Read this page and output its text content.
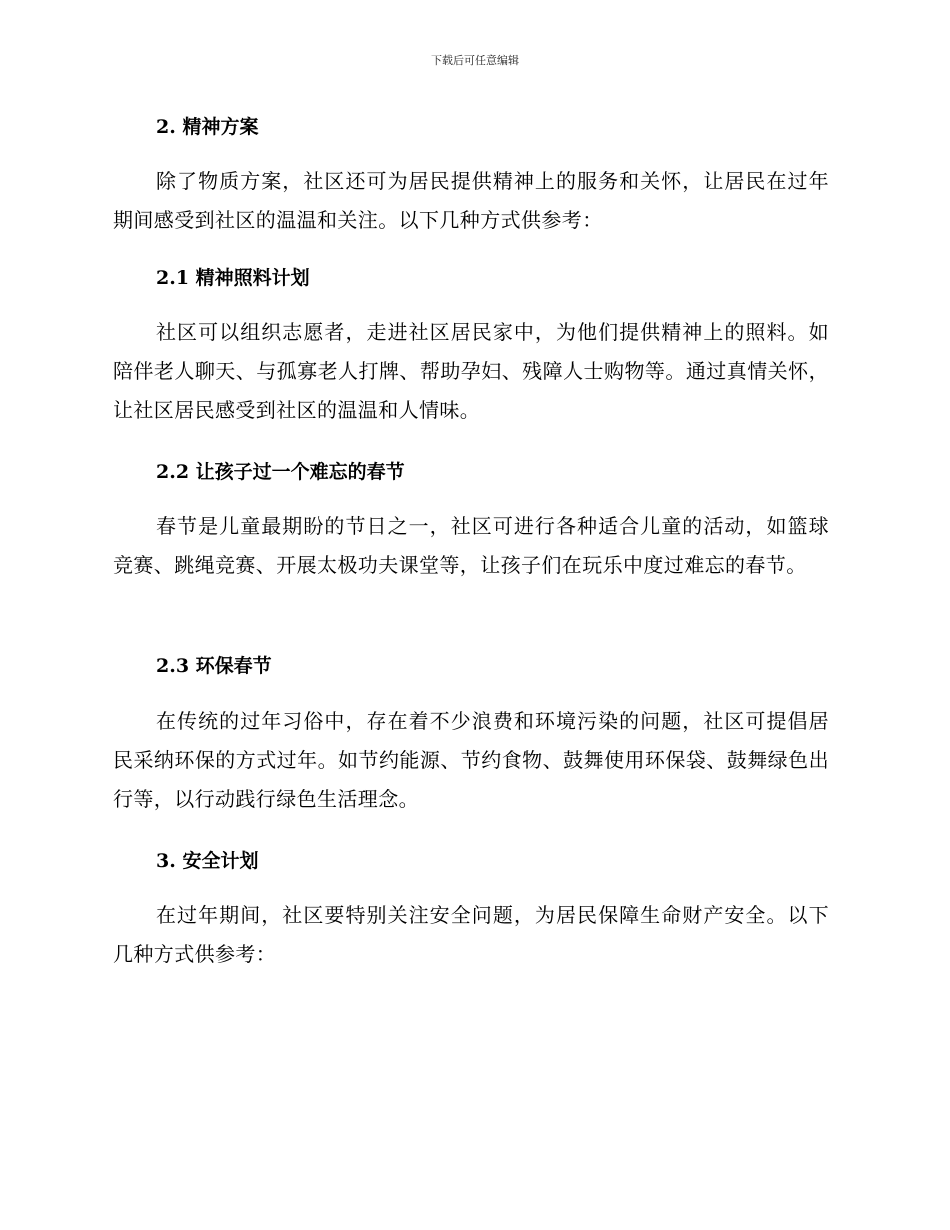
下载后可任意编辑
2. 精神方案

除了物质方案，社区还可为居民提供精神上的服务和关怀，让居民在过年期间感受到社区的温温和关注。以下几种方式供参考：

2.1 精神照料计划

社区可以组织志愿者，走进社区居民家中，为他们提供精神上的照料。如陪伴老人聊天、与孤寡老人打牌、帮助孕妇、残障人士购物等。通过真情关怀，让社区居民感受到社区的温温和人情味。

2.2 让孩子过一个难忘的春节

春节是儿童最期盼的节日之一，社区可进行各种适合儿童的活动，如篮球竞赛、跳绳竞赛、开展太极功夫课堂等，让孩子们在玩乐中度过难忘的春节。

2.3 环保春节

在传统的过年习俗中，存在着不少浪费和环境污染的问题，社区可提倡居民采纳环保的方式过年。如节约能源、节约食物、鼓舞使用环保袋、鼓舞绿色出行等，以行动践行绿色生活理念。

3. 安全计划

在过年期间，社区要特别关注安全问题，为居民保障生命财产安全。以下几种方式供参考：
